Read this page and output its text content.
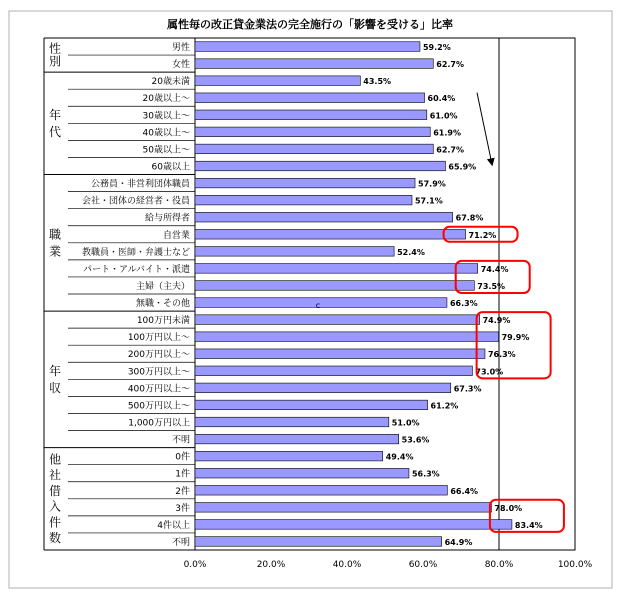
属性毎の改正貸金業法の完全施行の「影響を受ける」比率
性別
年代
職業
年収
他社借入件数
男性	59.2%
女性	62.7%
20歳未満	43.5%
20歳以上～	60.4%
30歳以上～	61.0%
40歳以上～	61.9%
50歳以上～	62.7%
60歳以上	65.9%
公務員・非営利団体職員	57.9%
会社・団体の経営者・役員	57.1%
給与所得者	67.8%
自営業	71.2%
教職員・医師・弁護士など	52.4%
パート・アルバイト・派遣	74.4%
主婦（主夫）	73.5%
無職・その他	66.3%
100万円未満	74.9%
100万円以上～	79.9%
200万円以上～	76.3%
300万円以上～	73.0%
400万円以上～	67.3%
500万円以上～	61.2%
1,000万円以上	51.0%
不明	53.6%
0件	49.4%
1件	56.3%
2件	66.4%
3件	78.0%
4件以上	83.4%
不明	64.9%
0.0%	20.0%	40.0%	60.0%	80.0%	100.0%
c
